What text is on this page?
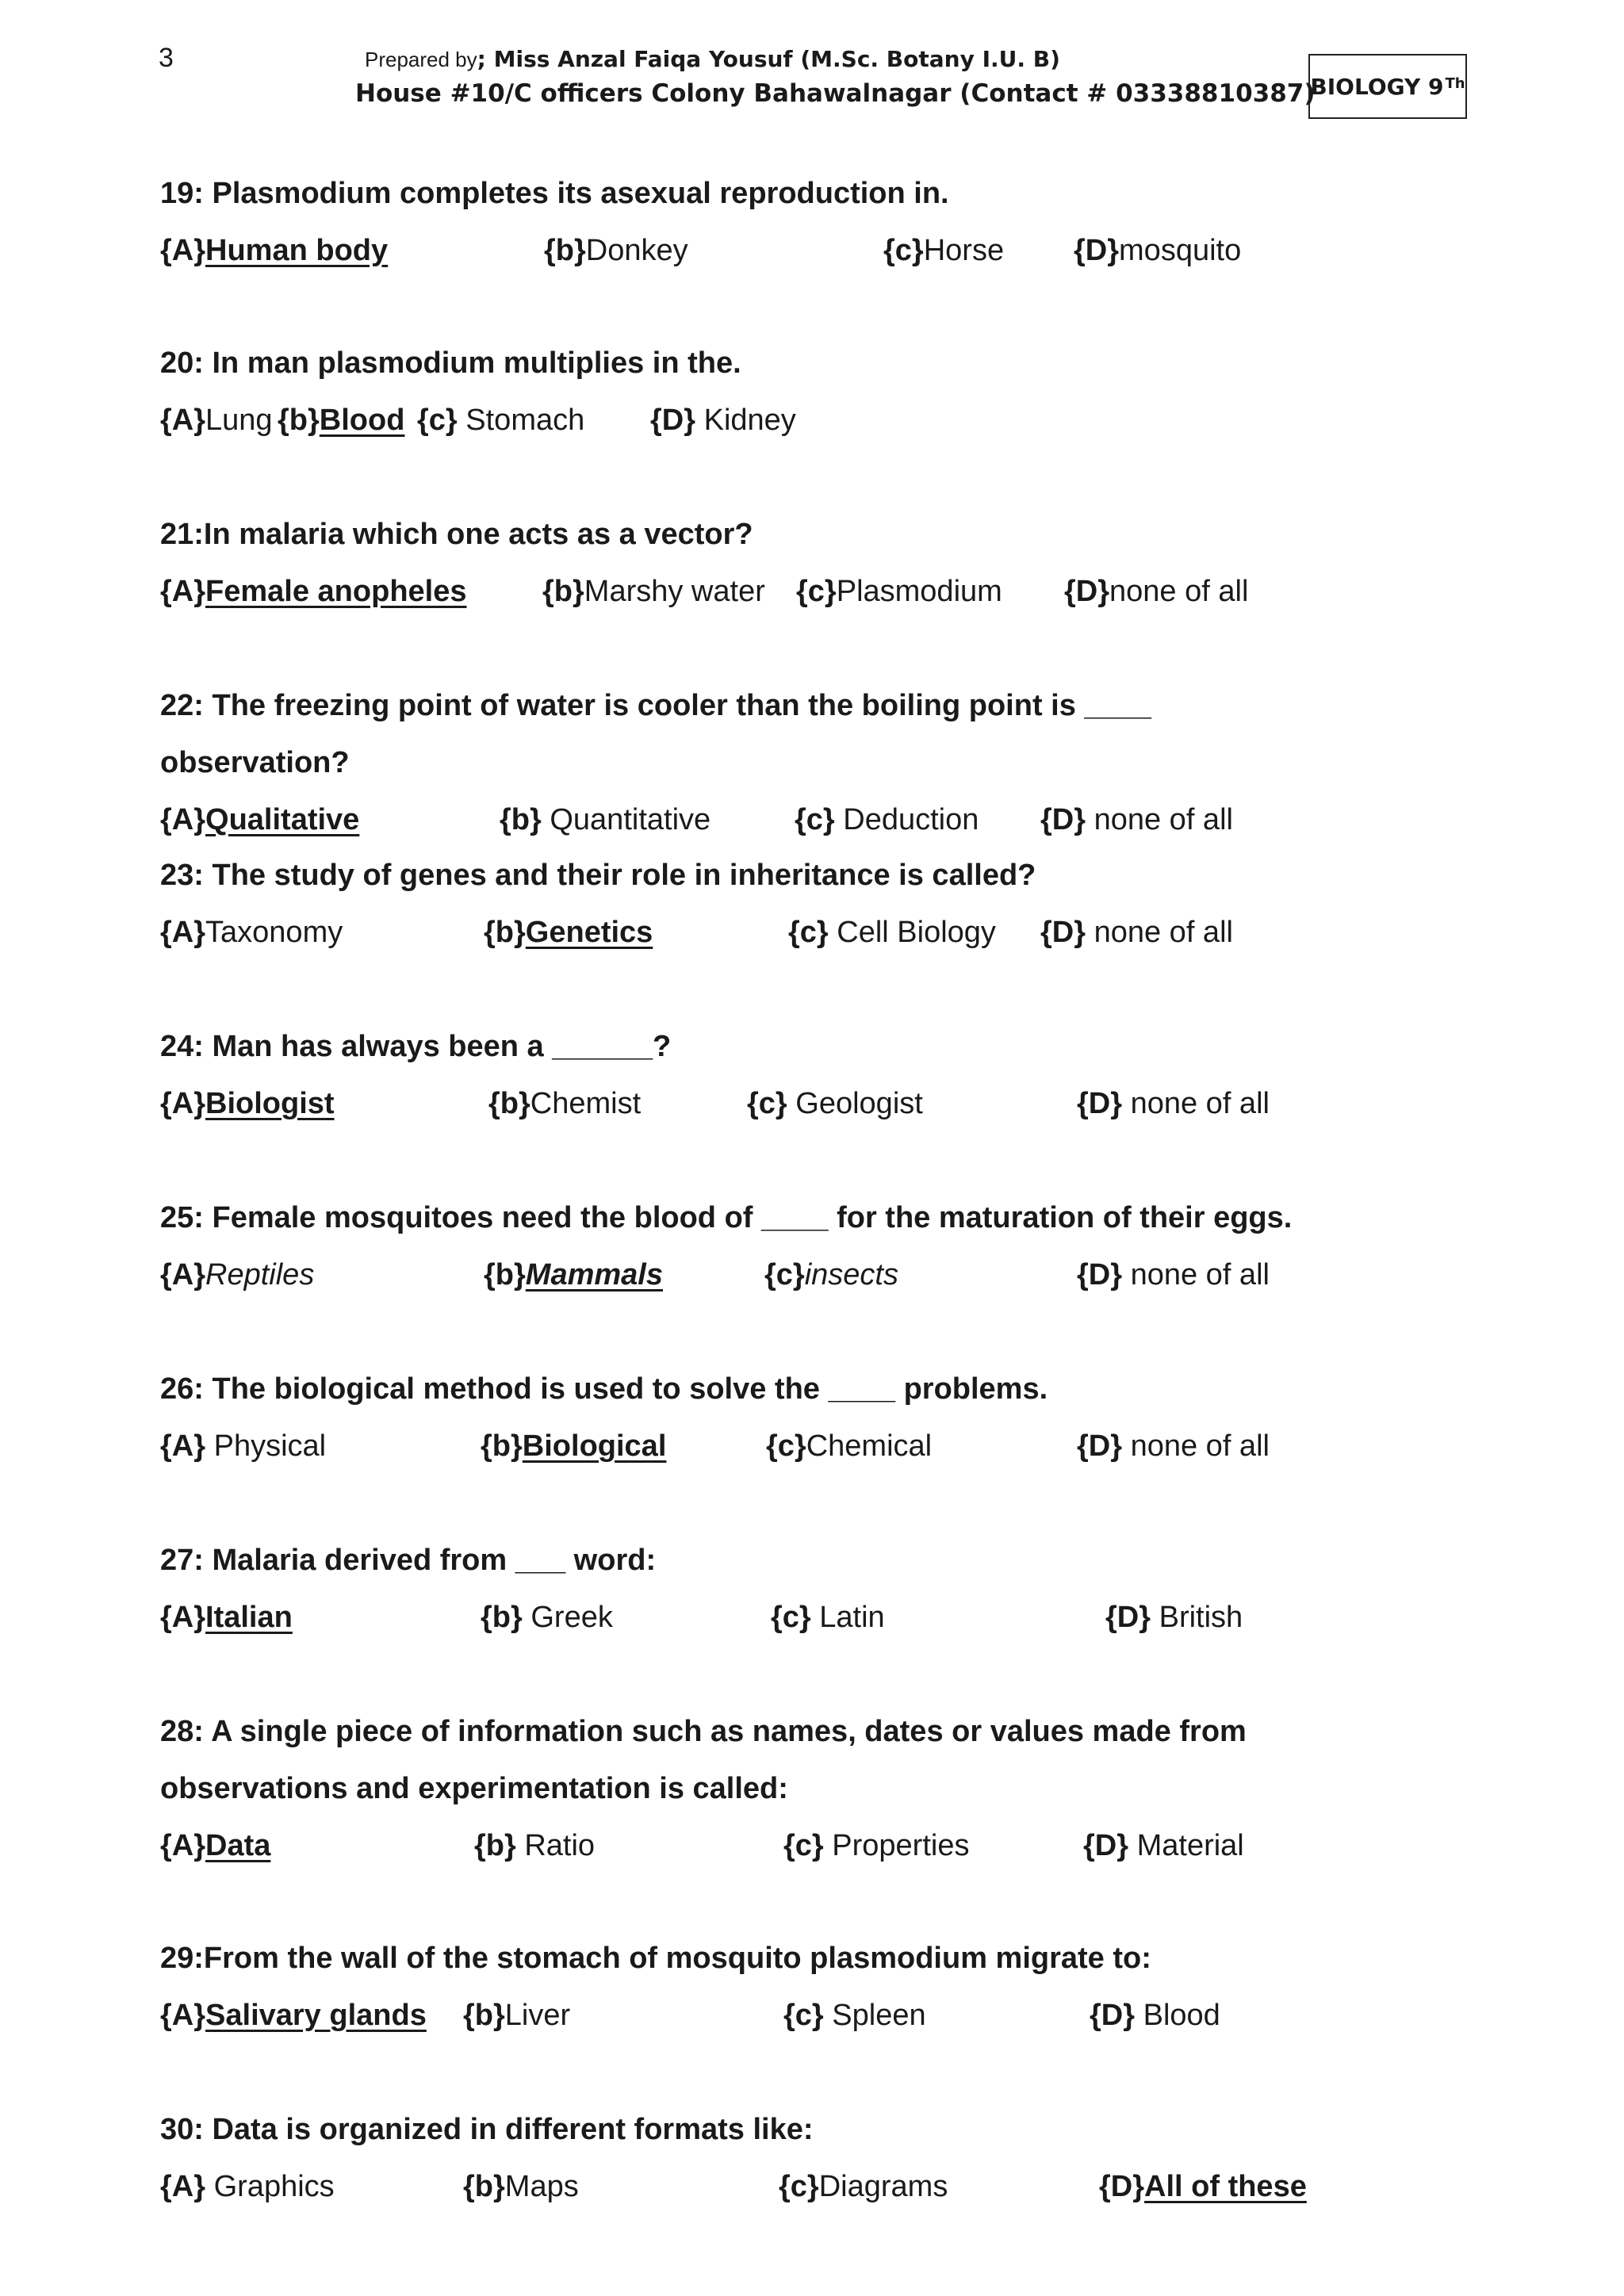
3	Prepared by; Miss Anzal Faiqa Yousuf (M.Sc. Botany I.U. B)
House #10/C officers Colony Bahawalnagar (Contact # 03338810387)
BIOLOGY 9Th

19: Plasmodium completes its asexual reproduction in.

{A}Human body	{b}Donkey	{c}Horse {D}mosquito

20: In man plasmodium multiplies in the.

{A}Lung {b}Blood {c} Stomach {D} Kidney

21:In malaria which one acts as a vector?

{A}Female anopheles	{b}Marshy water {c}Plasmodium {D}none of all

22: The freezing point of water is cooler than the boiling point is ____

observation?

{A}Qualitative	{b} Quantitative	{c} Deduction {D} none of all

23: The study of genes and their role in inheritance is called?

{A}Taxonomy	{b}Genetics	{c} Cell Biology {D} none of all

24: Man has always been a ______?

{A}Biologist	{b}Chemist	{c} Geologist	{D} none of all

25: Female mosquitoes need the blood of ____ for the maturation of their eggs.

{A}Reptiles	{b}Mammals	{c}insects	{D} none of all

26: The biological method is used to solve the ____ problems.

{A} Physical	{b}Biological	{c}Chemical	{D} none of all

27: Malaria derived from ___ word:

{A}Italian	{b} Greek	{c} Latin	{D} British

28: A single piece of information such as names, dates or values made from

observations and experimentation is called:

{A}Data	{b} Ratio	{c} Properties	{D} Material

29:From the wall of the stomach of mosquito plasmodium migrate to:

{A}Salivary glands {b}Liver	{c} Spleen	{D} Blood

30: Data is organized in different formats like:

{A} Graphics	{b}Maps	{c}Diagrams	{D}All of these
